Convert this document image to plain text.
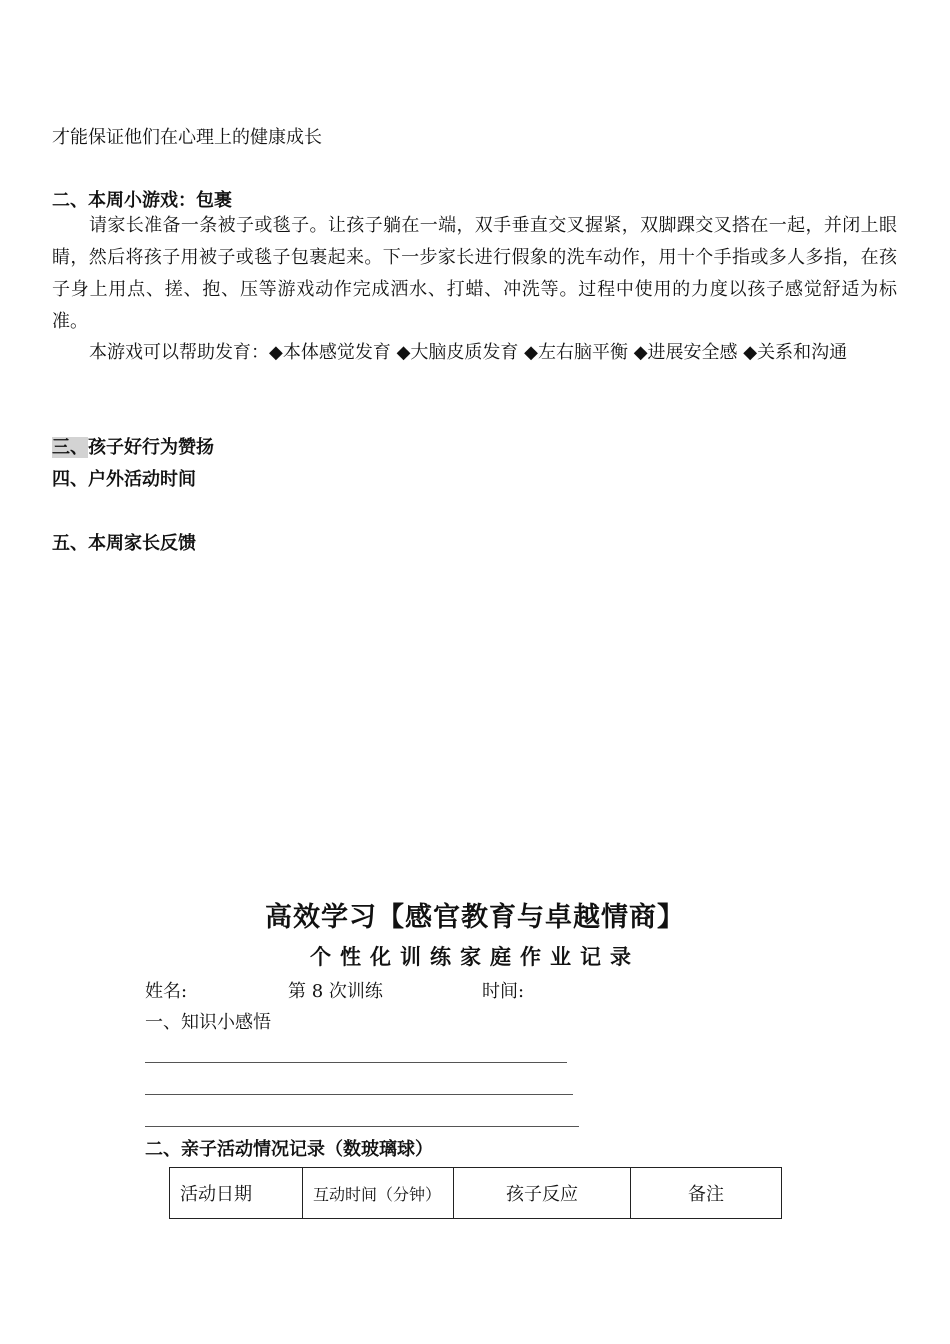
才能保证他们在心理上的健康成长
二、本周小游戏：包裹
请家长准备一条被子或毯子。让孩子躺在一端，双手垂直交叉握紧，双脚踝交叉搭在一起，并闭上眼睛，然后将孩子用被子或毯子包裹起来。下一步家长进行假象的洗车动作，用十个手指或多人多指，在孩子身上用点、搓、抱、压等游戏动作完成洒水、打蜡、冲洗等。过程中使用的力度以孩子感觉舒适为标准。
本游戏可以帮助发育：◆本体感觉发育 ◆大脑皮质发育 ◆左右脑平衡 ◆进展安全感 ◆关系和沟通
三、孩子好行为赞扬
四、户外活动时间
五、本周家长反馈
高效学习【感官教育与卓越情商】
个性化训练家庭作业记录
姓名:	第 8 次训练	时间:
一、知识小感悟
二、亲子活动情况记录（数玻璃球）
活动日期	互动时间（分钟）	孩子反应	备注
